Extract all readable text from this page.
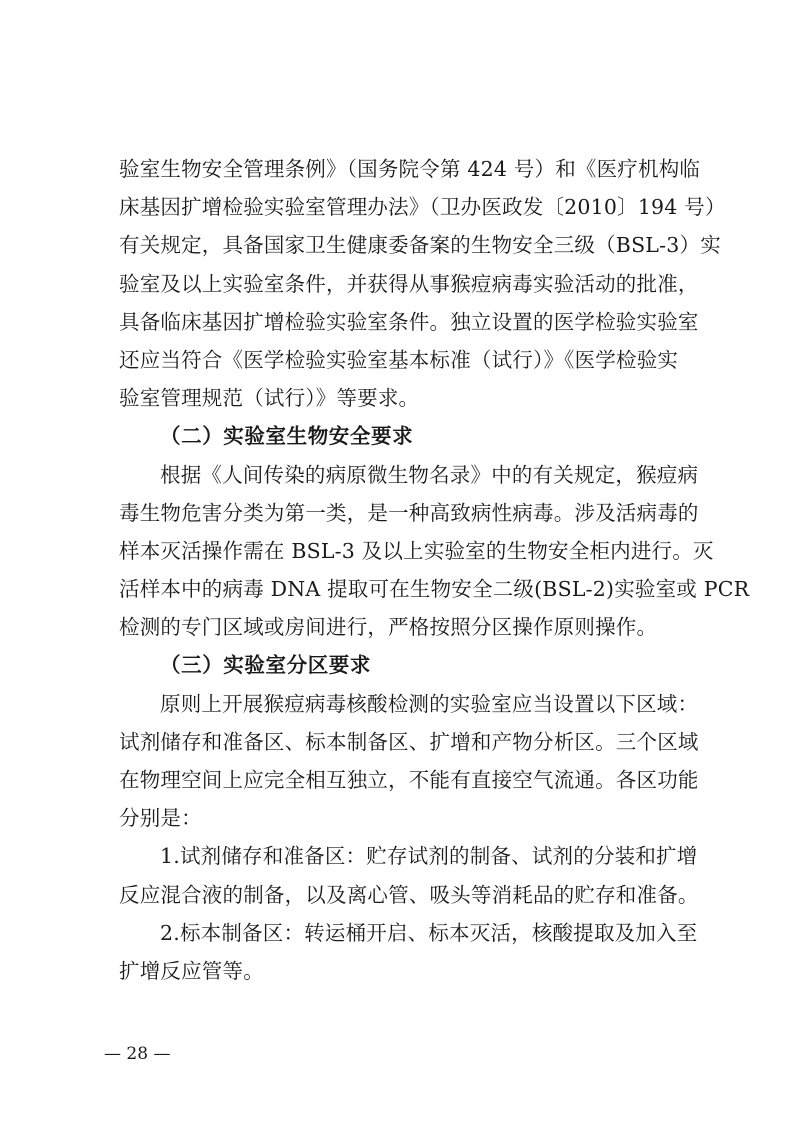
验室生物安全管理条例》（国务院令第 424 号）和《医疗机构临
床基因扩增检验实验室管理办法》（卫办医政发〔2010〕194 号）
有关规定，具备国家卫生健康委备案的生物安全三级（BSL-3）实
验室及以上实验室条件，并获得从事猴痘病毒实验活动的批准，
具备临床基因扩增检验实验室条件。独立设置的医学检验实验室
还应当符合《医学检验实验室基本标准（试行）》《医学检验实
验室管理规范（试行）》等要求。
（二）实验室生物安全要求
根据《人间传染的病原微生物名录》中的有关规定，猴痘病
毒生物危害分类为第一类，是一种高致病性病毒。涉及活病毒的
样本灭活操作需在 BSL-3 及以上实验室的生物安全柜内进行。灭
活样本中的病毒 DNA 提取可在生物安全二级(BSL-2)实验室或 PCR
检测的专门区域或房间进行，严格按照分区操作原则操作。
（三）实验室分区要求
原则上开展猴痘病毒核酸检测的实验室应当设置以下区域：
试剂储存和准备区、标本制备区、扩增和产物分析区。三个区域
在物理空间上应完全相互独立，不能有直接空气流通。各区功能
分别是：
1.试剂储存和准备区：贮存试剂的制备、试剂的分装和扩增
反应混合液的制备，以及离心管、吸头等消耗品的贮存和准备。
2.标本制备区：转运桶开启、标本灭活，核酸提取及加入至
扩增反应管等。
— 28 —
